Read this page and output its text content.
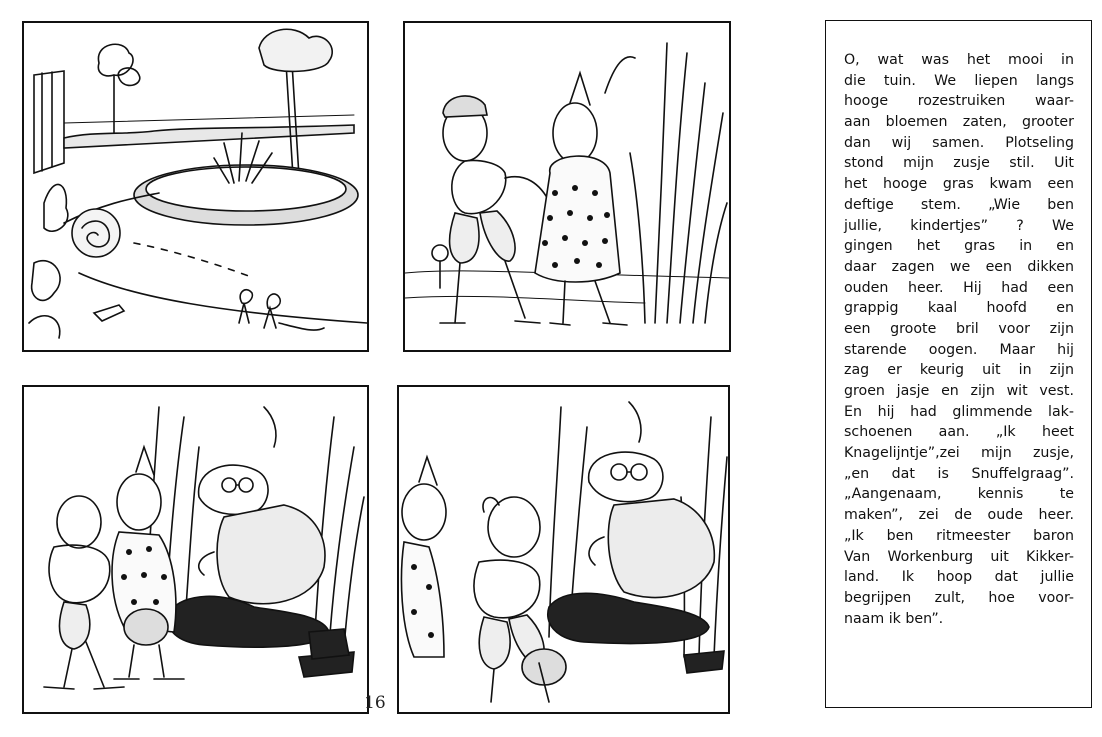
16
O, wat was het mooi in
die tuin. We liepen langs
hooge rozestruiken waar-
aan bloemen zaten, grooter
dan wij samen. Plotseling
stond mijn zusje stil. Uit
het hooge gras kwam een
deftige stem. „Wie ben
jullie, kindertjes” ? We
gingen het gras in en
daar zagen we een dikken
ouden heer. Hij had een
grappig kaal hoofd en
een groote bril voor zijn
starende oogen. Maar hij
zag er keurig uit in zijn
groen jasje en zijn wit vest.
En hij had glimmende lak-
schoenen aan. „Ik heet
Knagelijntje”,zei mijn zusje,
„en dat is Snuffelgraag”.
„Aangenaam, kennis te
maken”, zei de oude heer.
„Ik ben ritmeester baron
Van Workenburg uit Kikker-
land. Ik hoop dat jullie
begrijpen zult, hoe voor-
naam ik ben”.
